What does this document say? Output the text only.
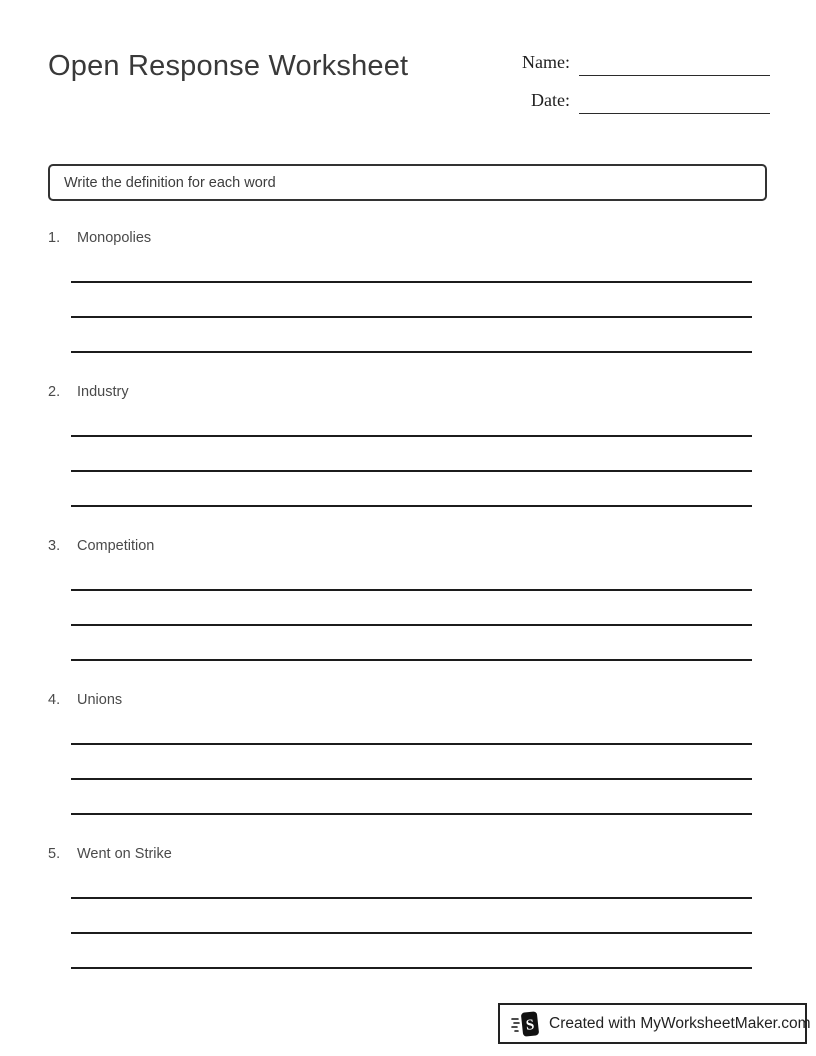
Open Response Worksheet	Name:
Date:
Write the definition for each word
1.	Monopolies
2.	Industry
3.	Competition
4.	Unions
5.	Went on Strike
S Created with MyWorksheetMaker.com
